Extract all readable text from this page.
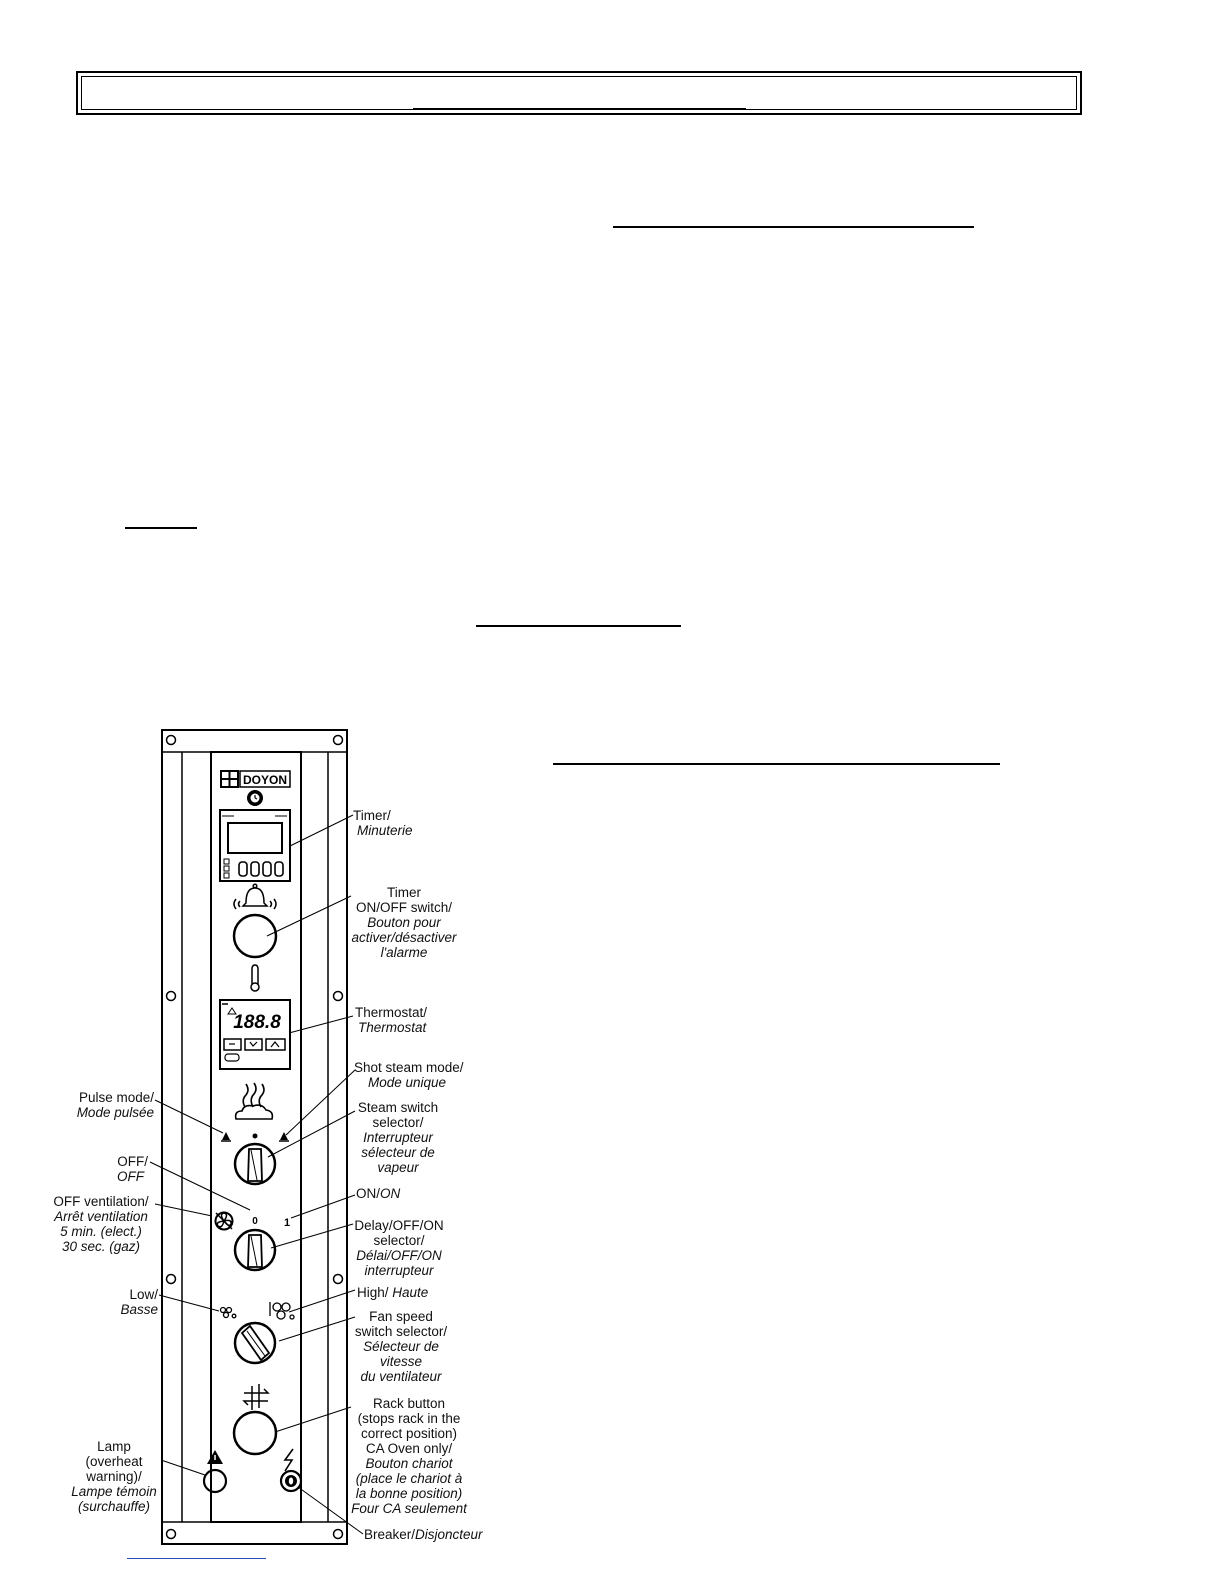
DOYON
188.8
0 1
Timer/
Minuterie
Timer
ON/OFF switch/
Bouton pour
activer/désactiver
l'alarme
Thermostat/
Thermostat
Shot steam mode/
Mode unique
Steam switch
selector/
Interrupteur
sélecteur de
vapeur
ON/ON
Delay/OFF/ON
selector/
Délai/OFF/ON
interrupteur
High/ Haute
Fan speed
switch selector/
Sélecteur de
vitesse
du ventilateur
Rack button
(stops rack in the
correct position)
CA Oven only/
Bouton chariot
(place le chariot à
la bonne position)
Four CA seulement
Breaker/Disjoncteur
Pulse mode/
Mode pulsée
OFF/
OFF
OFF ventilation/
Arrêt ventilation
5 min. (elect.)
30 sec. (gaz)
Low/
Basse
Lamp
(overheat
warning)/
Lampe témoin
(surchauffe)
